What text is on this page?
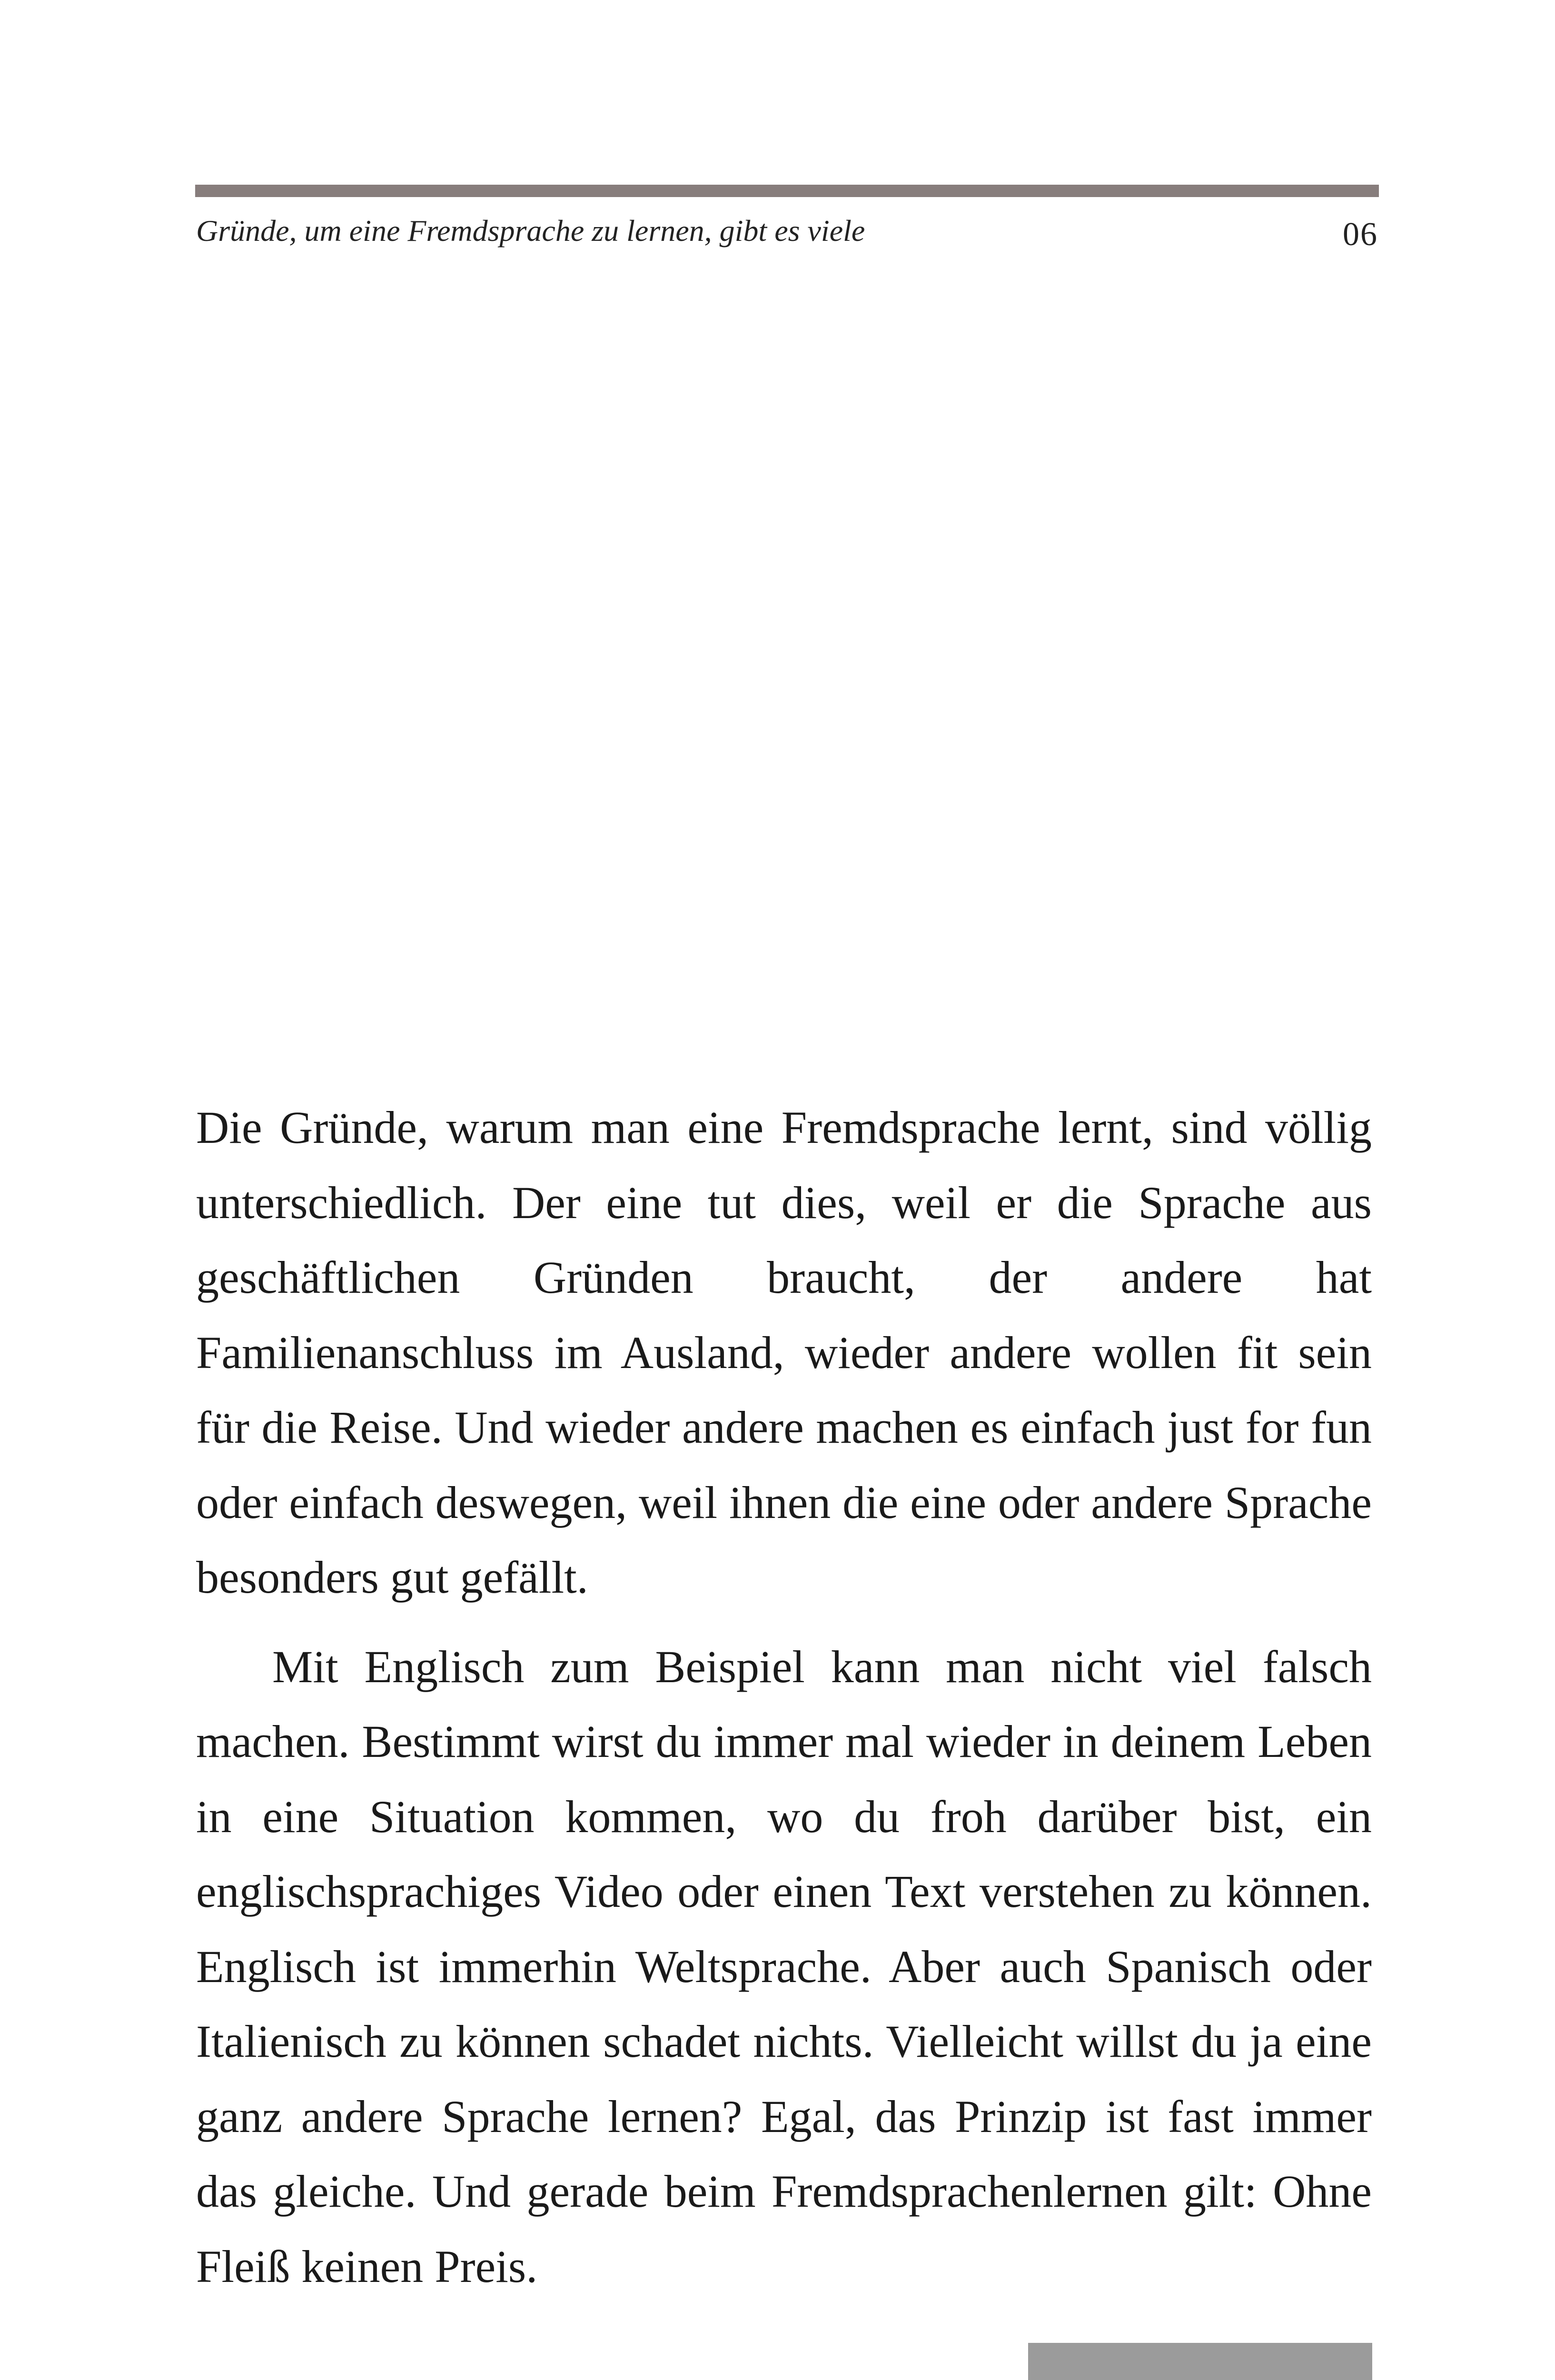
Gründe, um eine Fremdsprache zu lernen, gibt es viele	06

Die Gründe, warum man eine Fremdsprache lernt, sind völlig unterschiedlich. Der eine tut dies, weil er die Sprache aus geschäftlichen Gründen braucht, der andere hat Familienanschluss im Ausland, wieder andere wollen fit sein für die Reise. Und wieder andere machen es einfach just for fun oder einfach deswegen, weil ihnen die eine oder andere Sprache besonders gut gefällt.

Mit Englisch zum Beispiel kann man nicht viel falsch machen. Bestimmt wirst du immer mal wieder in deinem Leben in eine Situation kommen, wo du froh darüber bist, ein englischsprachiges Video oder einen Text verstehen zu können. Englisch ist immerhin Weltsprache. Aber auch Spanisch oder Italienisch zu können schadet nichts. Vielleicht willst du ja eine ganz andere Sprache lernen? Egal, das Prinzip ist fast immer das gleiche. Und gerade beim Fremdsprachenlernen gilt: Ohne Fleiß keinen Preis.
